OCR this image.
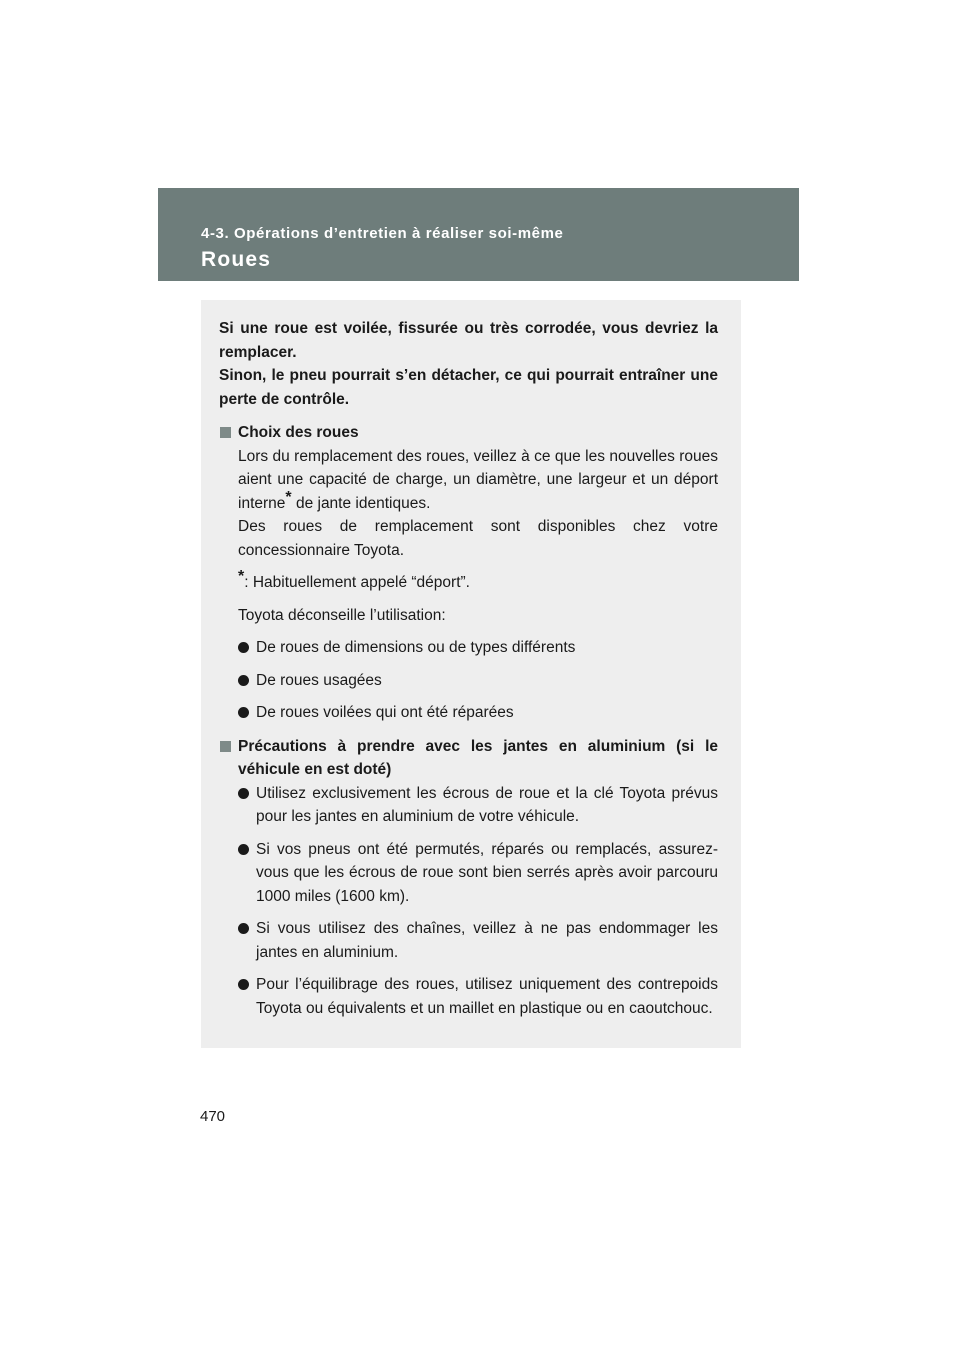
4-3. Opérations d’entretien à réaliser soi-même
Roues

Si une roue est voilée, fissurée ou très corrodée, vous devriez la remplacer.

Sinon, le pneu pourrait s’en détacher, ce qui pourrait entraîner une perte de contrôle.

Choix des roues

Lors du remplacement des roues, veillez à ce que les nouvelles roues aient une capacité de charge, un diamètre, une largeur et un déport interne* de jante identiques.

Des roues de remplacement sont disponibles chez votre concessionnaire Toyota.

*: Habituellement appelé “déport”.

Toyota déconseille l’utilisation:

De roues de dimensions ou de types différents
De roues usagées
De roues voilées qui ont été réparées
Précautions à prendre avec les jantes en aluminium (si le véhicule en est doté)
Utilisez exclusivement les écrous de roue et la clé Toyota prévus pour les jantes en aluminium de votre véhicule.
Si vos pneus ont été permutés, réparés ou remplacés, assurez-vous que les écrous de roue sont bien serrés après avoir parcouru 1000 miles (1600 km).
Si vous utilisez des chaînes, veillez à ne pas endommager les jantes en aluminium.
Pour l’équilibrage des roues, utilisez uniquement des contrepoids Toyota ou équivalents et un maillet en plastique ou en caoutchouc.
470
